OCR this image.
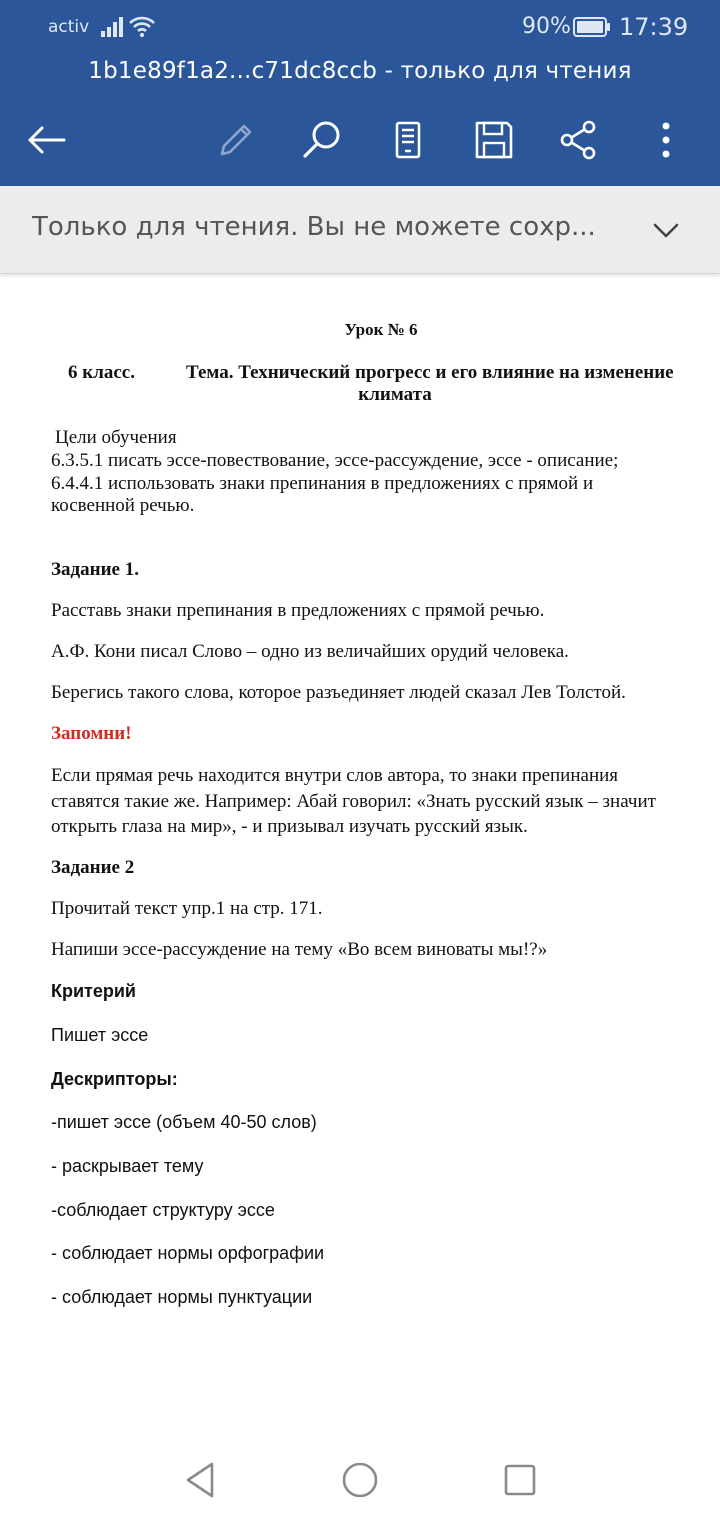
activ	90% 17:39
1b1e89f1a2...c71dc8ccb - только для чтения
Только для чтения. Вы не можете сохр...
Урок № 6
6 класс.	Тема. Технический прогресс и его влияние на изменение
климата
Цели обучения
6.3.5.1 писать эссе-повествование, эссе-рассуждение, эссе - описание;
6.4.4.1 использовать знаки препинания в предложениях с прямой и
косвенной речью.
Задание 1.
Расставь знаки препинания в предложениях с прямой речью.
А.Ф. Кони писал Слово – одно из величайших орудий человека.
Берегись такого слова, которое разъединяет людей сказал Лев Толстой.
Запомни!
Если прямая речь находится внутри слов автора, то знаки препинания
ставятся такие же. Например: Абай говорил: «Знать русский язык – значит
открыть глаза на мир», - и призывал изучать русский язык.
Задание 2
Прочитай текст упр.1 на стр. 171.
Напиши эссе-рассуждение на тему «Во всем виноваты мы!?»
Критерий
Пишет эссе
Дескрипторы:
-пишет эссе (объем 40-50 слов)
- раскрывает тему
-соблюдает структуру эссе
- соблюдает нормы орфографии
- соблюдает нормы пунктуации
